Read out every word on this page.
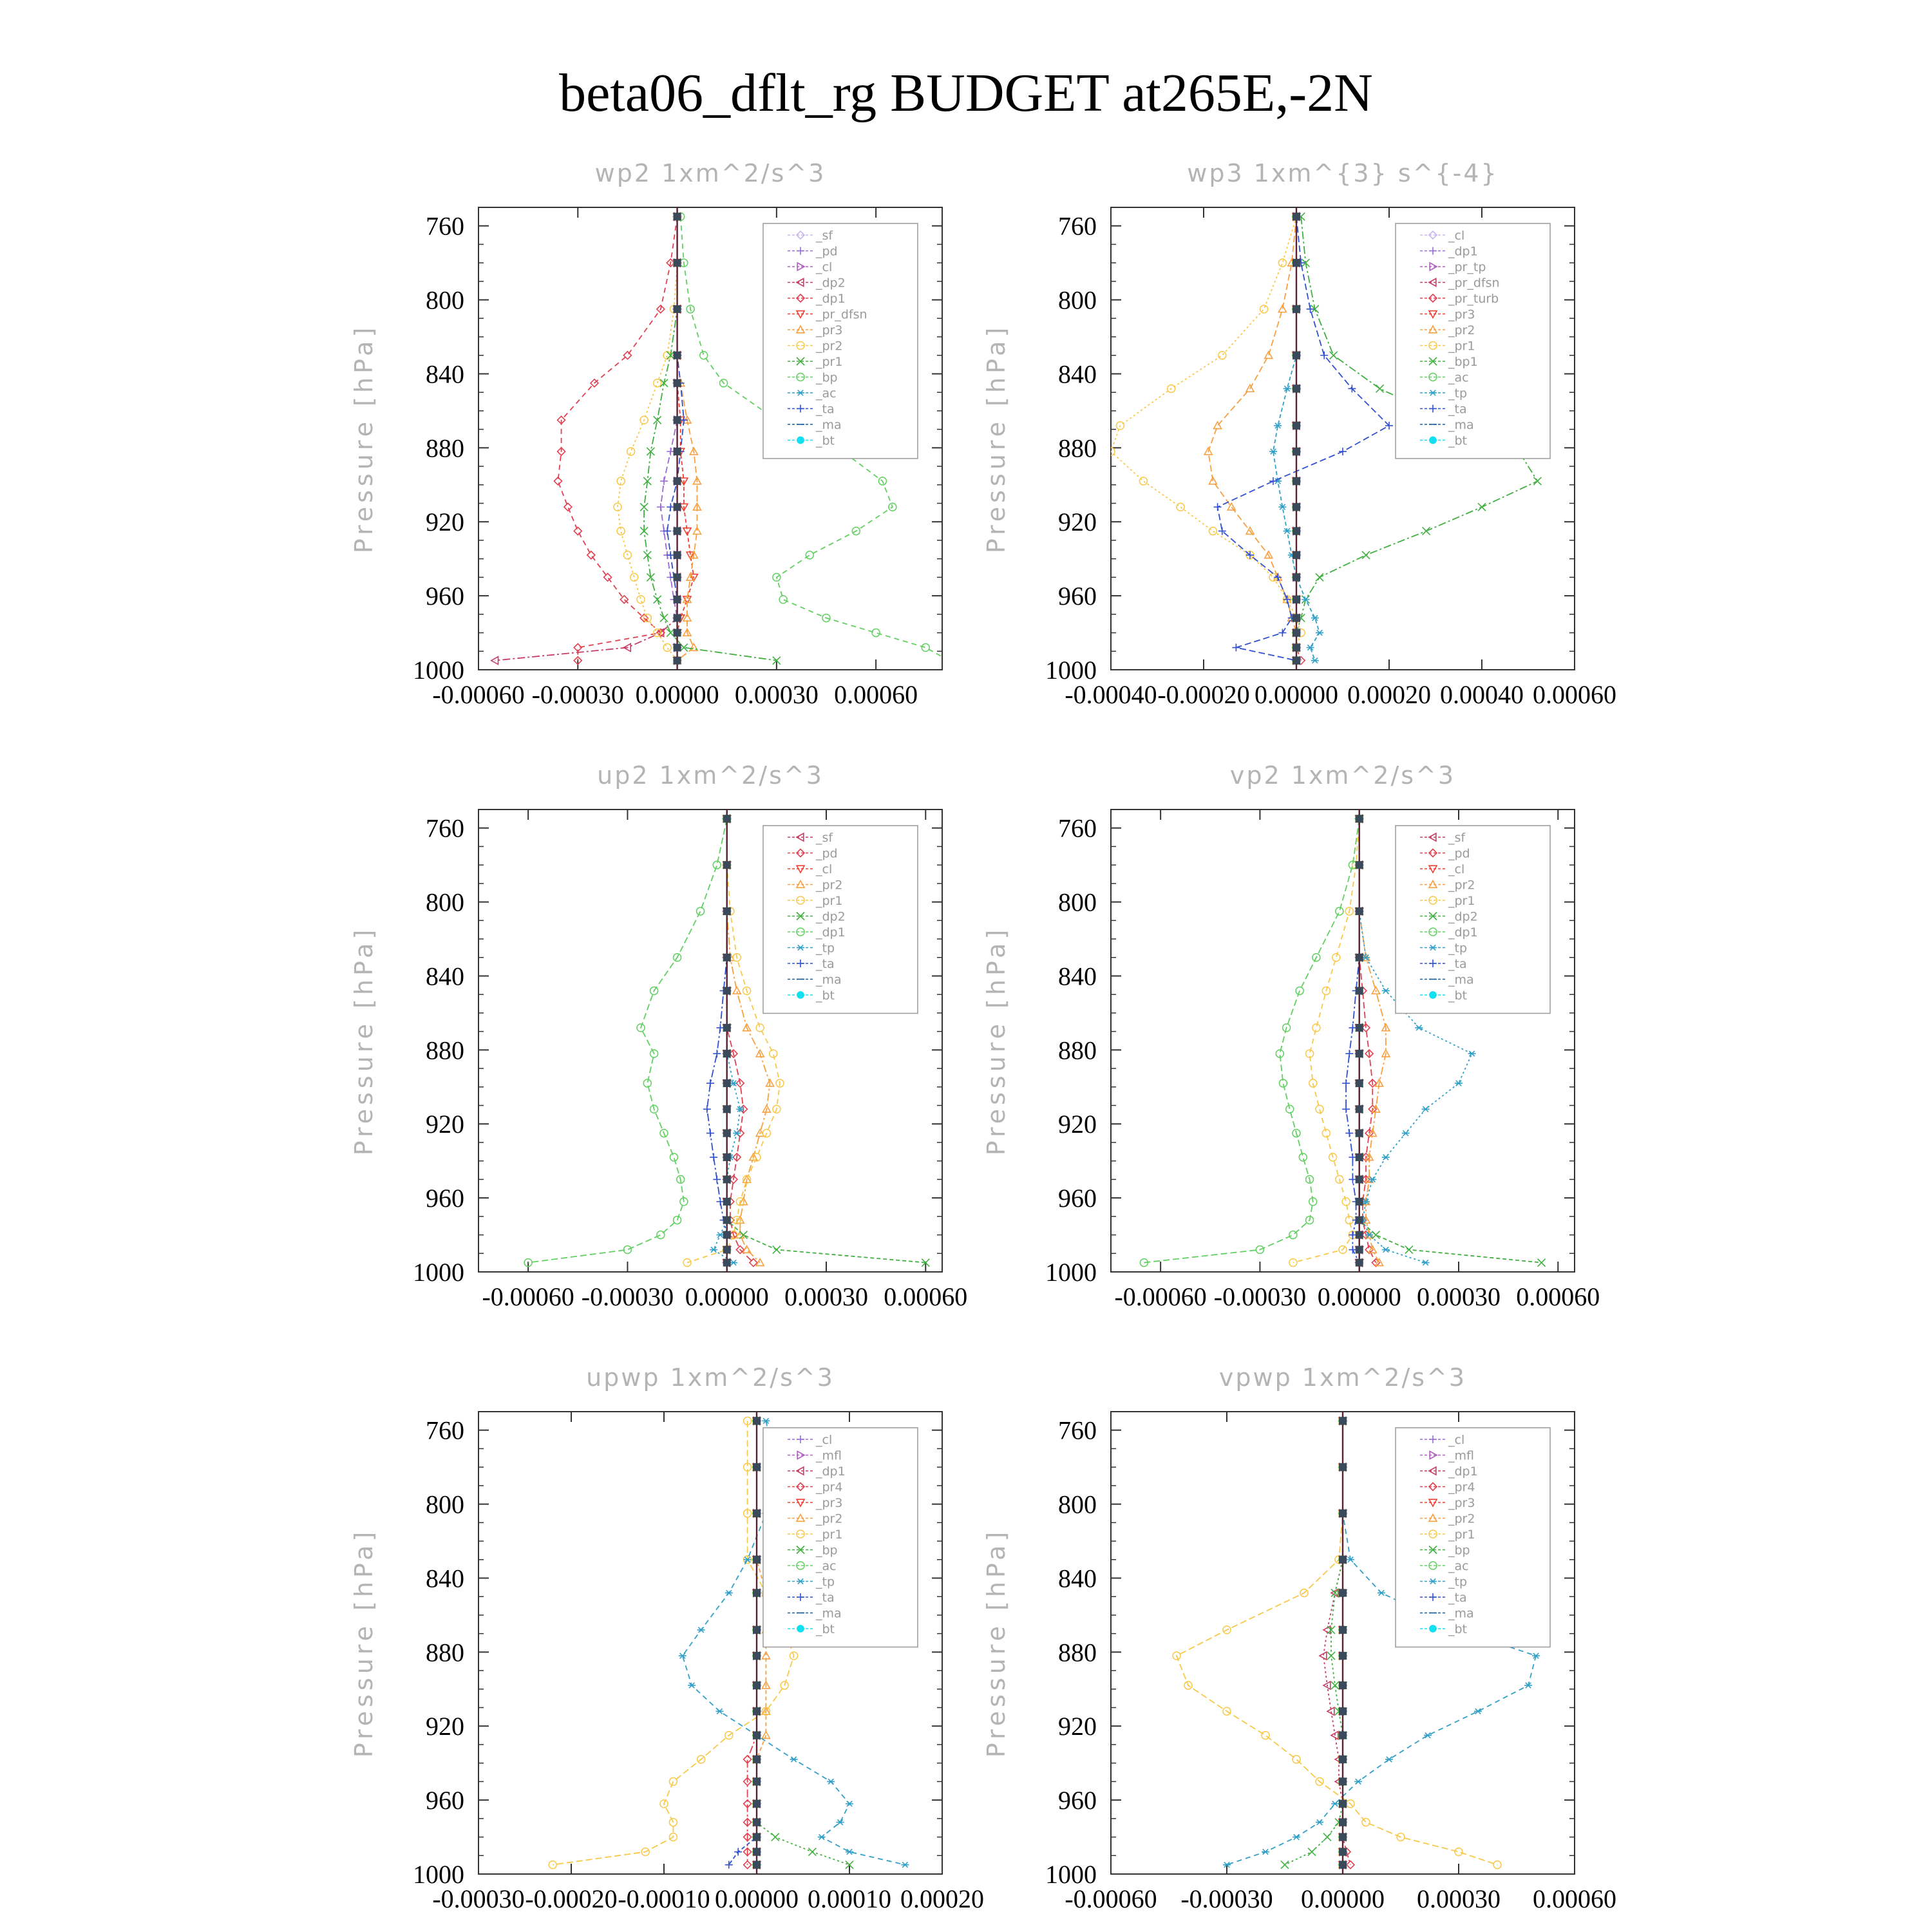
beta06_dflt_rg BUDGET at265E,-2N
wp2 1xm^2/s^3
Pressure [hPa]
760
800
840
880
920
960
1000
-0.00060 -0.00030 0.00000 0.00030 0.00060
_sf
_pd
_cl
_dp2
_dp1
_pr_dfsn
_pr3
_pr2
_pr1
_bp
_ac
_ta
_ma
_bt
wp3 1xm^{3} s^{-4}
Pressure [hPa]
760
800
840
880
920
960
1000
-0.00040 -0.00020 0.00000 0.00020 0.00040 0.00060
_cl
_dp1
_pr_tp
_pr_dfsn
_pr_turb
_pr3
_pr2
_pr1
_bp1
_ac
_tp
_ta
_ma
_bt
up2 1xm^2/s^3
Pressure [hPa]
760
800
840
880
920
960
1000
-0.00060 -0.00030 0.00000 0.00030 0.00060
_sf
_pd
_cl
_pr2
_pr1
_dp2
_dp1
_tp
_ta
_ma
_bt
vp2 1xm^2/s^3
Pressure [hPa]
760
800
840
880
920
960
1000
-0.00060 -0.00030 0.00000 0.00030 0.00060
_sf
_pd
_cl
_pr2
_pr1
_dp2
_dp1
_tp
_ta
_ma
_bt
upwp 1xm^2/s^3
Pressure [hPa]
760
800
840
880
920
960
1000
-0.00030 -0.00020 -0.00010 0.00000 0.00010 0.00020
_cl
_mfl
_dp1
_pr4
_pr3
_pr2
_pr1
_bp
_ac
_tp
_ta
_ma
_bt
vpwp 1xm^2/s^3
Pressure [hPa]
760
800
840
880
920
960
1000
-0.00060 -0.00030 0.00000 0.00030 0.00060
_cl
_mfl
_dp1
_pr4
_pr3
_pr2
_pr1
_bp
_ac
_tp
_ta
_ma
_bt
